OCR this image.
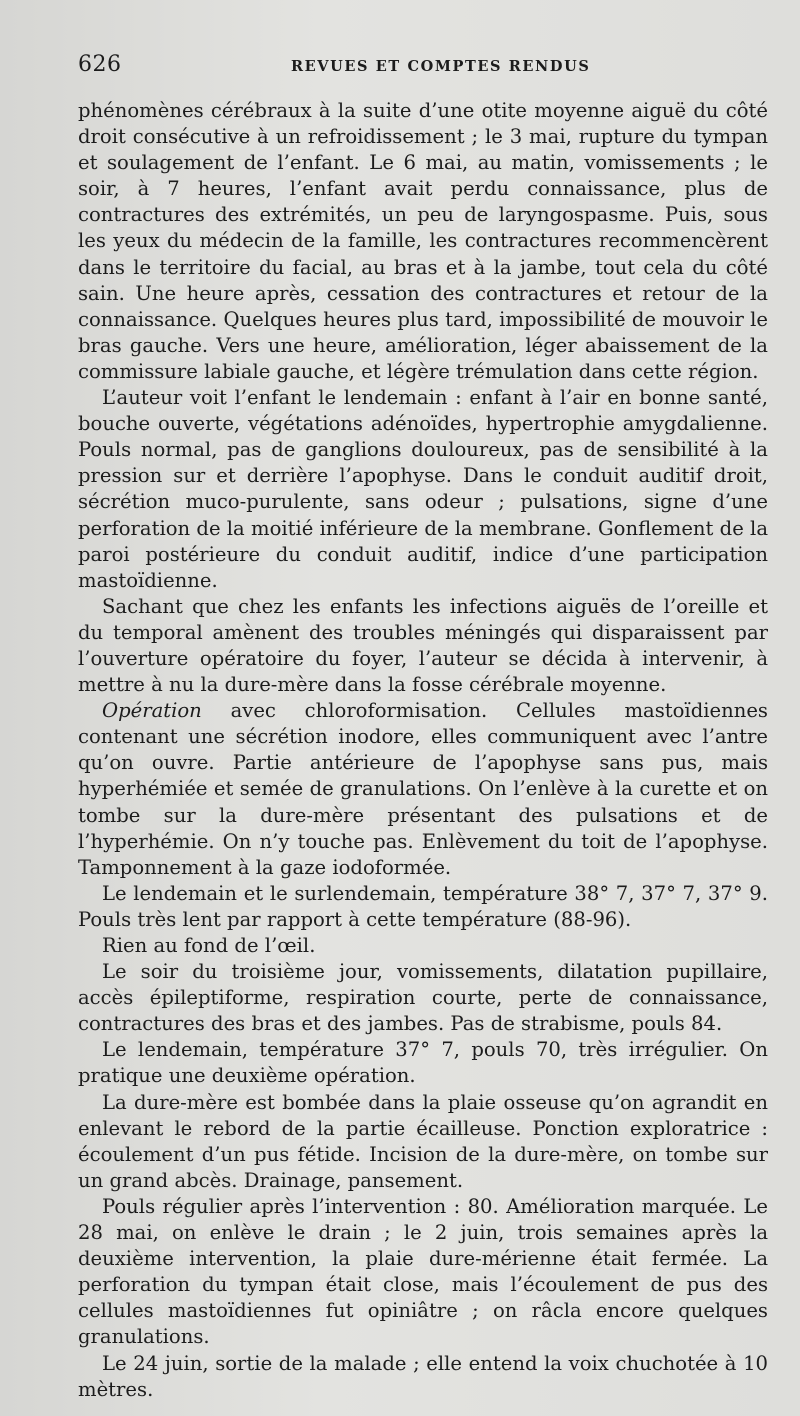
626	REVUES ET COMPTES RENDUS

phénomènes cérébraux à la suite d’une otite moyenne aiguë du côté droit consécutive à un refroidissement ; le 3 mai, rupture du tympan et soulagement de l’enfant. Le 6 mai, au matin, vomissements ; le soir, à 7 heures, l’enfant avait perdu connaissance, plus de contractures des extrémités, un peu de laryngospasme. Puis, sous les yeux du médecin de la famille, les contractures recommencèrent dans le territoire du facial, au bras et à la jambe, tout cela du côté sain. Une heure après, cessation des contractures et retour de la connaissance. Quelques heures plus tard, impossibilité de mouvoir le bras gauche. Vers une heure, amélioration, léger abaissement de la commissure labiale gauche, et légère trémulation dans cette région.

L’auteur voit l’enfant le lendemain : enfant à l’air en bonne santé, bouche ouverte, végétations adénoïdes, hypertrophie amygdalienne. Pouls normal, pas de ganglions douloureux, pas de sensibilité à la pression sur et derrière l’apophyse. Dans le conduit auditif droit, sécrétion muco-purulente, sans odeur ; pulsations, signe d’une perforation de la moitié inférieure de la membrane. Gonflement de la paroi postérieure du conduit auditif, indice d’une participation mastoïdienne.

Sachant que chez les enfants les infections aiguës de l’oreille et du temporal amènent des troubles méningés qui disparaissent par l’ouverture opératoire du foyer, l’auteur se décida à intervenir, à mettre à nu la dure-mère dans la fosse cérébrale moyenne.

Opération avec chloroformisation. Cellules mastoïdiennes contenant une sécrétion inodore, elles communiquent avec l’antre qu’on ouvre. Partie antérieure de l’apophyse sans pus, mais hyperhémiée et semée de granulations. On l’enlève à la curette et on tombe sur la dure-mère présentant des pulsations et de l’hyperhémie. On n’y touche pas. Enlèvement du toit de l’apophyse. Tamponnement à la gaze iodoformée.

Le lendemain et le surlendemain, température 38° 7, 37° 7, 37° 9. Pouls très lent par rapport à cette température (88-96).

Rien au fond de l’œil.

Le soir du troisième jour, vomissements, dilatation pupillaire, accès épileptiforme, respiration courte, perte de connaissance, contractures des bras et des jambes. Pas de strabisme, pouls 84.

Le lendemain, température 37° 7, pouls 70, très irrégulier. On pratique une deuxième opération.

La dure-mère est bombée dans la plaie osseuse qu’on agrandit en enlevant le rebord de la partie écailleuse. Ponction exploratrice : écoulement d’un pus fétide. Incision de la dure-mère, on tombe sur un grand abcès. Drainage, pansement.

Pouls régulier après l’intervention : 80. Amélioration marquée. Le 28 mai, on enlève le drain ; le 2 juin, trois semaines après la deuxième intervention, la plaie dure-mérienne était fermée. La perforation du tympan était close, mais l’écoulement de pus des cellules mastoïdiennes fut opiniâtre ; on râcla encore quelques granulations.

Le 24 juin, sortie de la malade ; elle entend la voix chuchotée à 10 mètres.
